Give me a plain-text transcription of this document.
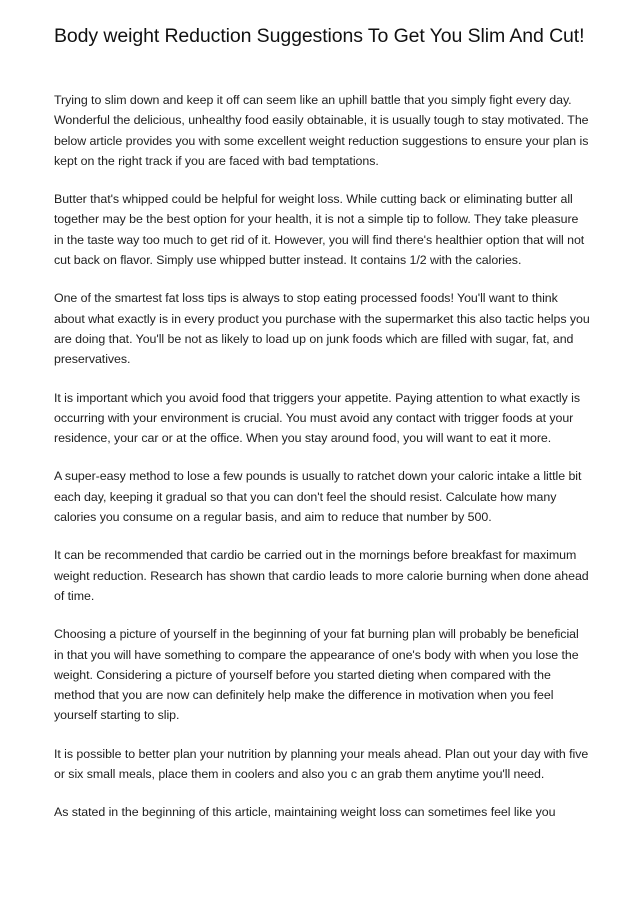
Body weight Reduction Suggestions To Get You Slim And Cut!

Trying to slim down and keep it off can seem like an uphill battle that you simply fight every day. Wonderful the delicious, unhealthy food easily obtainable, it is usually tough to stay motivated. The below article provides you with some excellent weight reduction suggestions to ensure your plan is kept on the right track if you are faced with bad temptations.

Butter that's whipped could be helpful for weight loss. While cutting back or eliminating butter all together may be the best option for your health, it is not a simple tip to follow. They take pleasure in the taste way too much to get rid of it. However, you will find there's healthier option that will not cut back on flavor. Simply use whipped butter instead. It contains 1/2 with the calories.

One of the smartest fat loss tips is always to stop eating processed foods! You'll want to think about what exactly is in every product you purchase with the supermarket this also tactic helps you are doing that. You'll be not as likely to load up on junk foods which are filled with sugar, fat, and preservatives.

It is important which you avoid food that triggers your appetite. Paying attention to what exactly is occurring with your environment is crucial. You must avoid any contact with trigger foods at your residence, your car or at the office. When you stay around food, you will want to eat it more.

A super-easy method to lose a few pounds is usually to ratchet down your caloric intake a little bit each day, keeping it gradual so that you can don't feel the should resist. Calculate how many calories you consume on a regular basis, and aim to reduce that number by 500.

It can be recommended that cardio be carried out in the mornings before breakfast for maximum weight reduction. Research has shown that cardio leads to more calorie burning when done ahead of time.

Choosing a picture of yourself in the beginning of your fat burning plan will probably be beneficial in that you will have something to compare the appearance of one's body with when you lose the weight. Considering a picture of yourself before you started dieting when compared with the method that you are now can definitely help make the difference in motivation when you feel yourself starting to slip.

It is possible to better plan your nutrition by planning your meals ahead. Plan out your day with five or six small meals, place them in coolers and also you c an grab them anytime you'll need.

As stated in the beginning of this article, maintaining weight loss can sometimes feel like you
